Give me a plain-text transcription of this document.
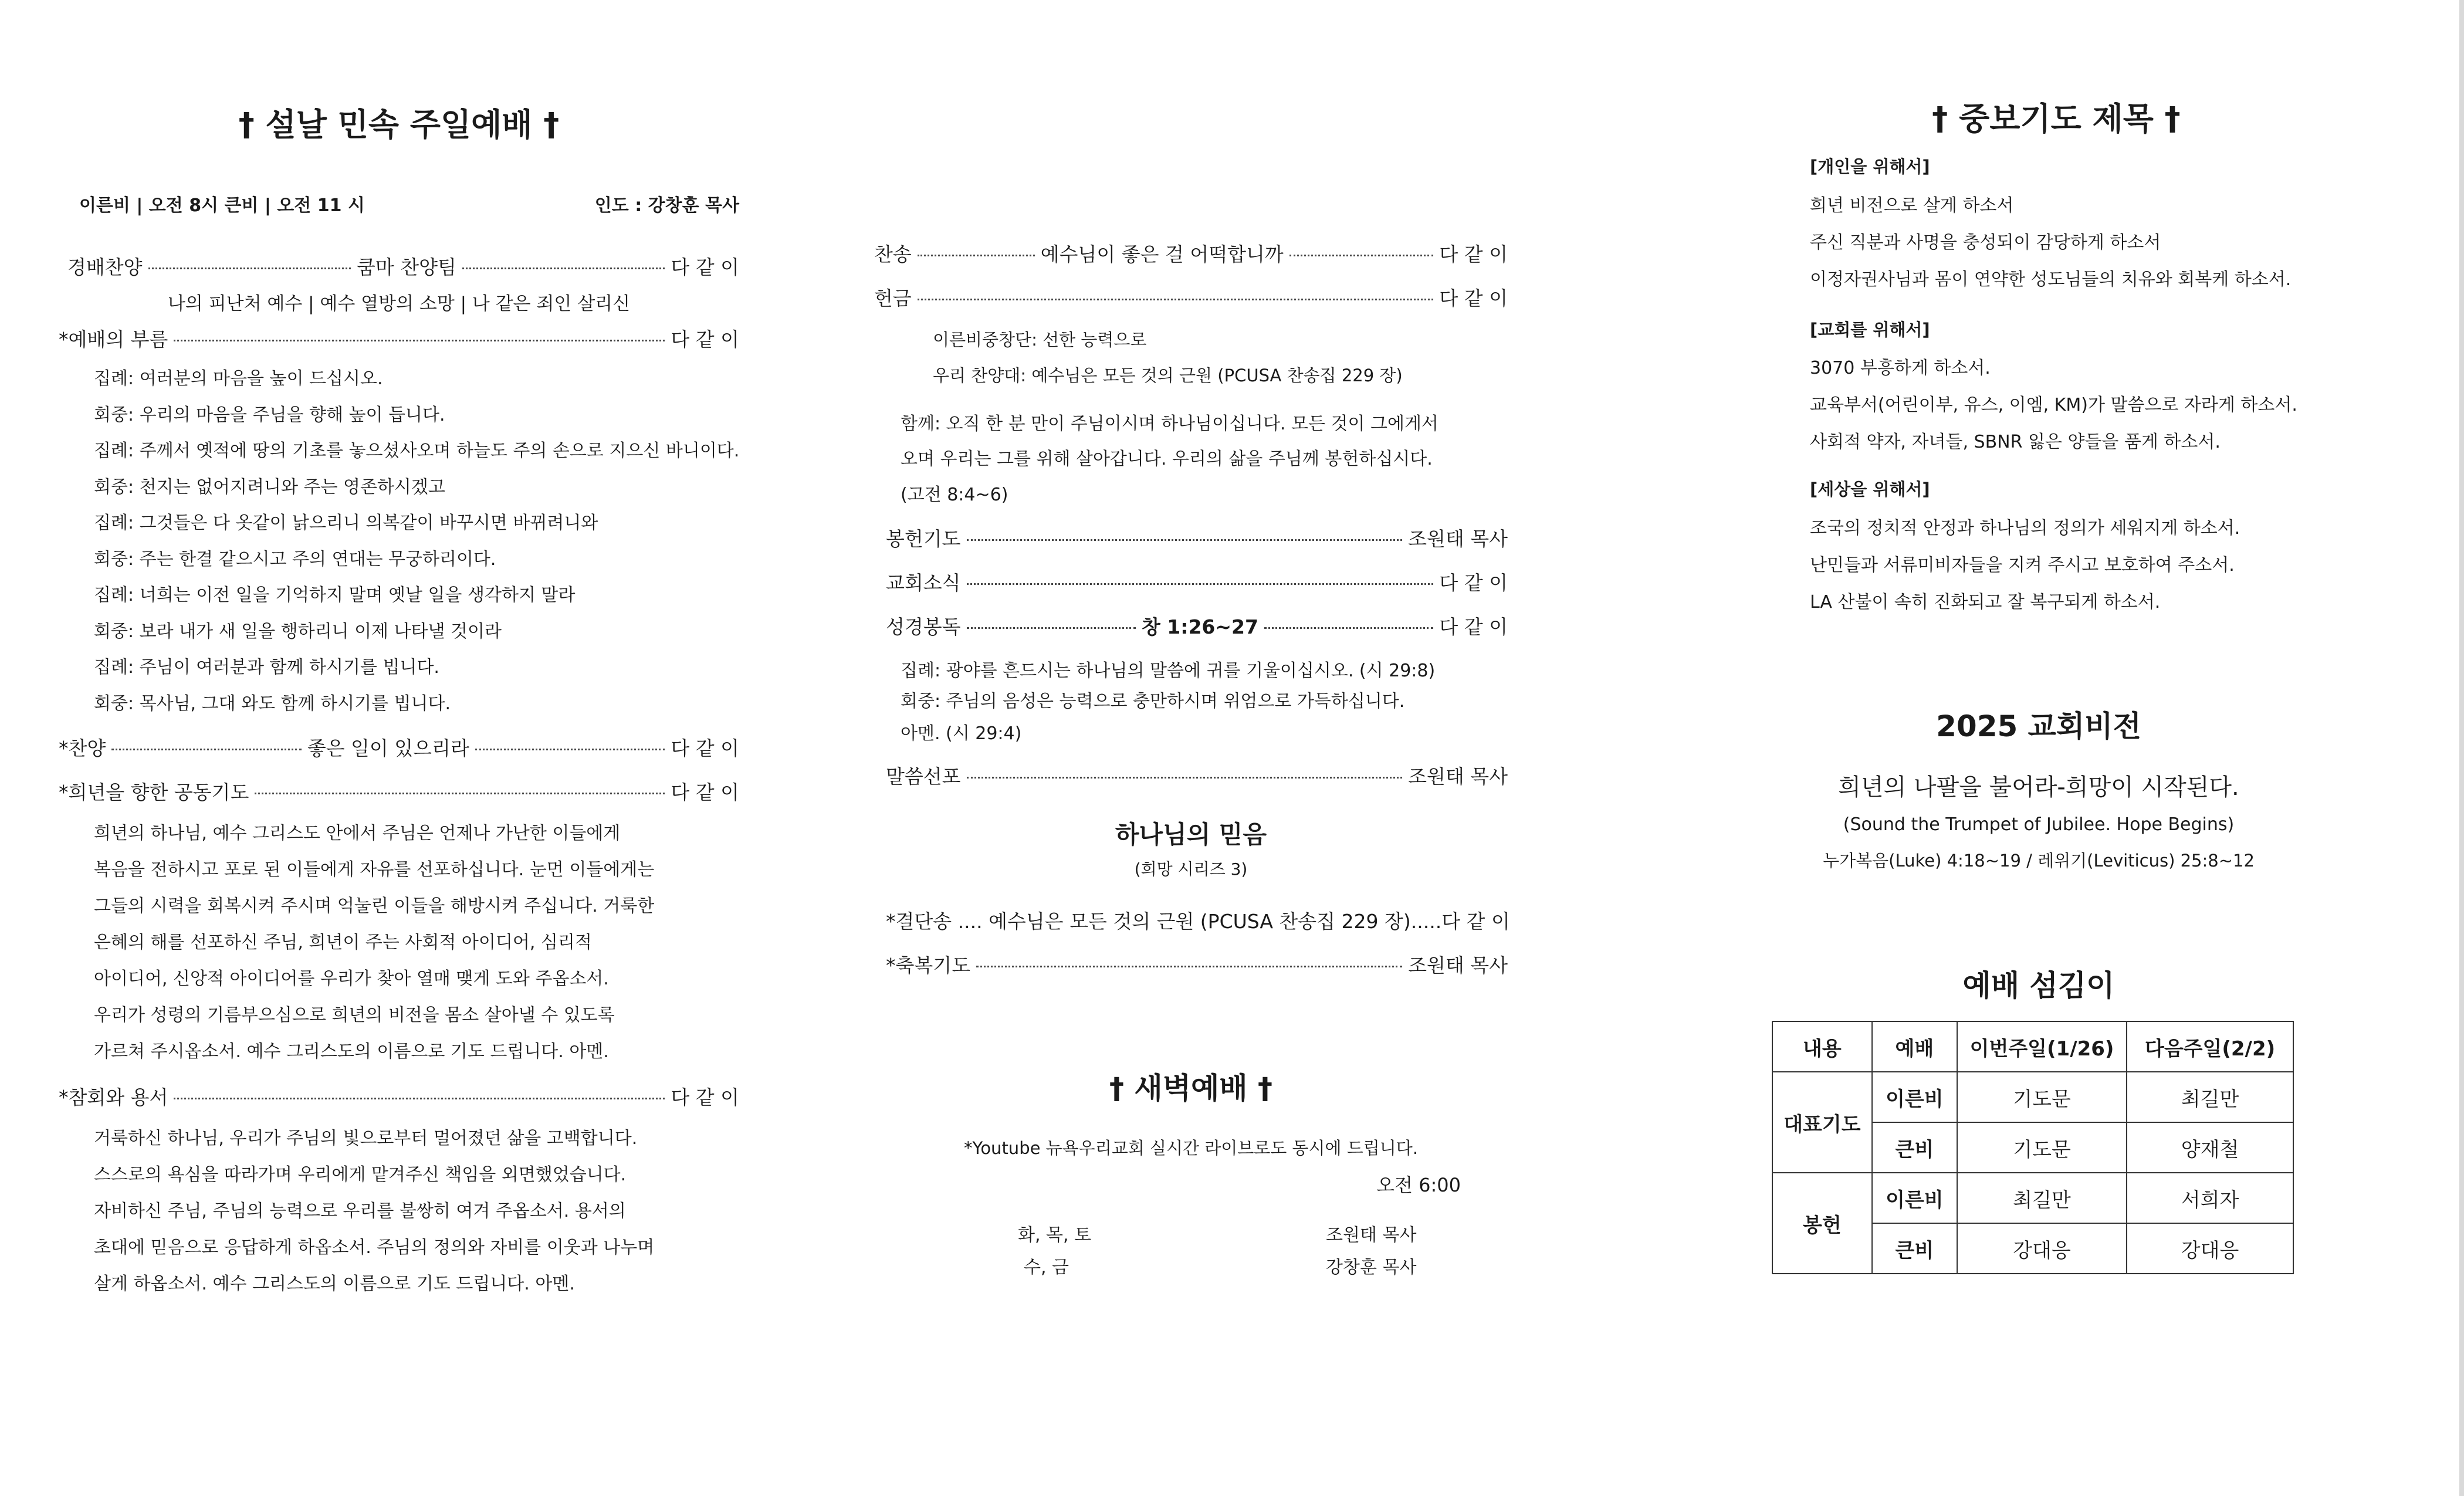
† 설날 민속 주일예배 †
이른비 | 오전 8시 큰비 | 오전 11 시	인도 : 강창훈 목사
경배찬양	쿰마 찬양팀	다 같 이
나의 피난처 예수 | 예수 열방의 소망 | 나 같은 죄인 살리신
*예배의 부름	다 같 이
집례: 여러분의 마음을 높이 드십시오.
회중: 우리의 마음을 주님을 향해 높이 듭니다.
집례: 주께서 옛적에 땅의 기초를 놓으셨사오며 하늘도 주의 손으로 지으신 바니이다.
회중: 천지는 없어지려니와 주는 영존하시겠고
집례: 그것들은 다 옷같이 낡으리니 의복같이 바꾸시면 바뀌려니와
회중: 주는 한결 같으시고 주의 연대는 무궁하리이다.
집례: 너희는 이전 일을 기억하지 말며 옛날 일을 생각하지 말라
회중: 보라 내가 새 일을 행하리니 이제 나타낼 것이라
집례: 주님이 여러분과 함께 하시기를 빕니다.
회중: 목사님, 그대 와도 함께 하시기를 빕니다.
*찬양	좋은 일이 있으리라	다 같 이
*희년을 향한 공동기도	다 같 이
희년의 하나님, 예수 그리스도 안에서 주님은 언제나 가난한 이들에게
복음을 전하시고 포로 된 이들에게 자유를 선포하십니다. 눈먼 이들에게는
그들의 시력을 회복시켜 주시며 억눌린 이들을 해방시켜 주십니다. 거룩한
은혜의 해를 선포하신 주님, 희년이 주는 사회적 아이디어, 심리적
아이디어, 신앙적 아이디어를 우리가 찾아 열매 맺게 도와 주옵소서.
우리가 성령의 기름부으심으로 희년의 비전을 몸소 살아낼 수 있도록
가르쳐 주시옵소서. 예수 그리스도의 이름으로 기도 드립니다. 아멘.
*참회와 용서	다 같 이
거룩하신 하나님, 우리가 주님의 빛으로부터 멀어졌던 삶을 고백합니다.
스스로의 욕심을 따라가며 우리에게 맡겨주신 책임을 외면했었습니다.
자비하신 주님, 주님의 능력으로 우리를 불쌍히 여겨 주옵소서. 용서의
초대에 믿음으로 응답하게 하옵소서. 주님의 정의와 자비를 이웃과 나누며
살게 하옵소서. 예수 그리스도의 이름으로 기도 드립니다. 아멘.
찬송	예수님이 좋은 걸 어떡합니까	다 같 이
헌금	다 같 이
이른비중창단: 선한 능력으로
우리 찬양대: 예수님은 모든 것의 근원 (PCUSA 찬송집 229 장)
함께: 오직 한 분 만이 주님이시며 하나님이십니다. 모든 것이 그에게서
오며 우리는 그를 위해 살아갑니다. 우리의 삶을 주님께 봉헌하십시다.
(고전 8:4~6)
봉헌기도	조원태 목사
교회소식	다 같 이
성경봉독	창 1:26~27	다 같 이
집례: 광야를 흔드시는 하나님의 말씀에 귀를 기울이십시오. (시 29:8)
회중: 주님의 음성은 능력으로 충만하시며 위엄으로 가득하십니다.
아멘. (시 29:4)
말씀선포	조원태 목사
하나님의 믿음
(희망 시리즈 3)
*결단송 .... 예수님은 모든 것의 근원 (PCUSA 찬송집 229 장)..... 다 같 이
*축복기도	조원태 목사
† 새벽예배 †
*Youtube 뉴욕우리교회 실시간 라이브로도 동시에 드립니다.
오전 6:00
화, 목, 토	조원태 목사
수, 금	강창훈 목사
† 중보기도 제목 †
[개인을 위해서]
희년 비전으로 살게 하소서
주신 직분과 사명을 충성되이 감당하게 하소서
이정자권사님과 몸이 연약한 성도님들의 치유와 회복케 하소서.
[교회를 위해서]
3070 부흥하게 하소서.
교육부서(어린이부, 유스, 이엠, KM)가 말씀으로 자라게 하소서.
사회적 약자, 자녀들, SBNR 잃은 양들을 품게 하소서.
[세상을 위해서]
조국의 정치적 안정과 하나님의 정의가 세워지게 하소서.
난민들과 서류미비자들을 지켜 주시고 보호하여 주소서.
LA 산불이 속히 진화되고 잘 복구되게 하소서.
2025 교회비전
희년의 나팔을 불어라-희망이 시작된다.
(Sound the Trumpet of Jubilee. Hope Begins)
누가복음(Luke) 4:18~19 / 레위기(Leviticus) 25:8~12
예배 섬김이
내용	예배	이번주일(1/26)	다음주일(2/2)
대표기도	이른비	기도문	최길만
	큰비	기도문	양재철
봉헌	이른비	최길만	서희자
	큰비	강대응	강대응
